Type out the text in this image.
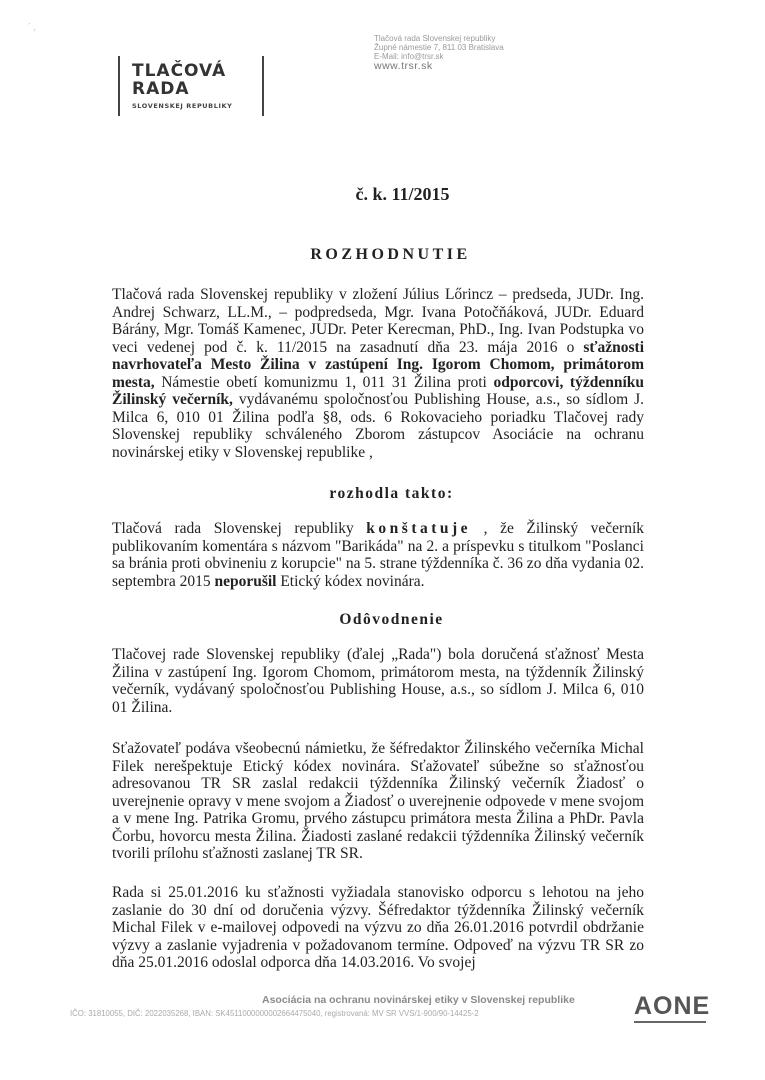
´ ,
TLAČOVÁ
RADA
SLOVENSKEJ REPUBLIKY
Tlačová rada Slovenskej republiky
Župné námestie 7, 811 03 Bratislava
E-Mail: info@trsr.sk
www.trsr.sk
č. k. 11/2015
ROZHODNUTIE

Tlačová rada Slovenskej republiky v zložení Július Lőrincz – predseda, JUDr. Ing. Andrej Schwarz, LL.M., – podpredseda, Mgr. Ivana Potočňáková, JUDr. Eduard Bárány, Mgr. Tomáš Kamenec, JUDr. Peter Kerecman, PhD., Ing. Ivan Podstupka vo veci vedenej pod č. k. 11/2015 na zasadnutí dňa 23. mája 2016 o sťažnosti navrhovateľa Mesto Žilina v zastúpení Ing. Igorom Chomom, primátorom mesta, Námestie obetí komunizmu 1, 011 31 Žilina proti odporcovi, týždenníku Žilinský večerník, vydávanému spoločnosťou Publishing House, a.s., so sídlom J. Milca 6, 010 01 Žilina podľa §8, ods. 6 Rokovacieho poriadku Tlačovej rady Slovenskej republiky schváleného Zborom zástupcov Asociácie na ochranu novinárskej etiky v Slovenskej republike ,

rozhodla takto:

Tlačová rada Slovenskej republiky konštatuje , že Žilinský večerník publikovaním komentára s názvom "Barikáda" na 2. a príspevku s titulkom "Poslanci sa bránia proti obvineniu z korupcie" na 5. strane týždenníka č. 36 zo dňa vydania 02. septembra 2015 neporušil Etický kódex novinára.

Odôvodnenie

Tlačovej rade Slovenskej republiky (ďalej „Rada") bola doručená sťažnosť Mesta Žilina v zastúpení Ing. Igorom Chomom, primátorom mesta, na týždenník Žilinský večerník, vydávaný spoločnosťou Publishing House, a.s., so sídlom J. Milca 6, 010 01 Žilina.

Sťažovateľ podáva všeobecnú námietku, že šéfredaktor Žilinského večerníka Michal Filek nerešpektuje Etický kódex novinára. Sťažovateľ súbežne so sťažnosťou adresovanou TR SR zaslal redakcii týždenníka Žilinský večerník Žiadosť o uverejnenie opravy v mene svojom a Žiadosť o uverejnenie odpovede v mene svojom a v mene Ing. Patrika Gromu, prvého zástupcu primátora mesta Žilina a PhDr. Pavla Čorbu, hovorcu mesta Žilina. Žiadosti zaslané redakcii týždenníka Žilinský večerník tvorili prílohu sťažnosti zaslanej TR SR.

Rada si 25.01.2016 ku sťažnosti vyžiadala stanovisko odporcu s lehotou na jeho zaslanie do 30 dní od doručenia výzvy. Šéfredaktor týždenníka Žilinský večerník Michal Filek v e-mailovej odpovedi na výzvu zo dňa 26.01.2016 potvrdil obdržanie výzvy a zaslanie vyjadrenia v požadovanom termíne. Odpoveď na výzvu TR SR zo dňa 25.01.2016 odoslal odporca dňa 14.03.2016. Vo svojej

Asociácia na ochranu novinárskej etiky v Slovenskej republike
IČO: 31810055, DIČ: 2022035268, IBAN: SK4511000000002664475040, registrovaná: MV SR VVS/1-900/90-14425-2	AONE
